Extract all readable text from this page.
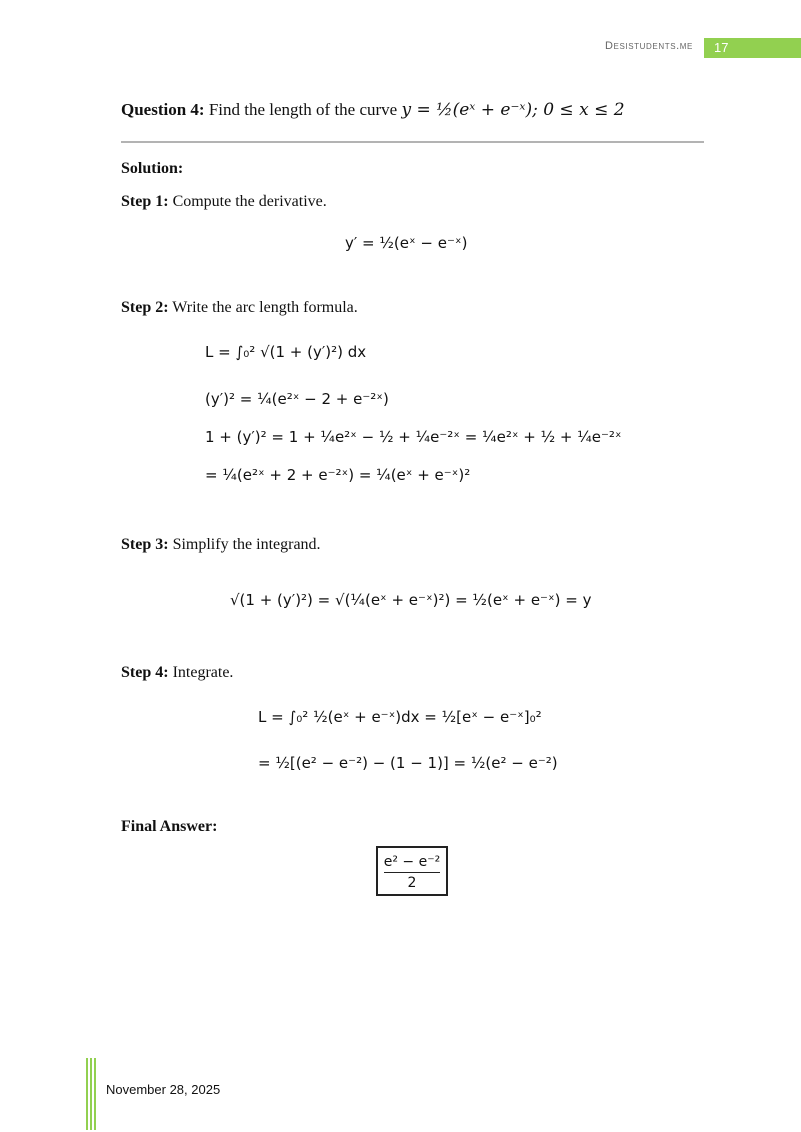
Desistudents.me	17
Question 4: Find the length of the curve y = ½(eˣ + e⁻ˣ); 0 ≤ x ≤ 2
Solution:
Step 1: Compute the derivative.
y′ = ½(eˣ − e⁻ˣ)
Step 2: Write the arc length formula.
L = ∫₀² √(1 + (y′)²) dx
(y′)² = ¼(e²ˣ − 2 + e⁻²ˣ)
1 + (y′)² = 1 + ¼e²ˣ − ½ + ¼e⁻²ˣ = ¼e²ˣ + ½ + ¼e⁻²ˣ
= ¼(e²ˣ + 2 + e⁻²ˣ) = ¼(eˣ + e⁻ˣ)²
Step 3: Simplify the integrand.
√(1 + (y′)²) = √(¼(eˣ + e⁻ˣ)²) = ½(eˣ + e⁻ˣ) = y
Step 4: Integrate.
L = ∫₀² ½(eˣ + e⁻ˣ)dx = ½[eˣ − e⁻ˣ]₀²
= ½[(e² − e⁻²) − (1 − 1)] = ½(e² − e⁻²)
Final Answer:
e² − e⁻²
2
November 28, 2025
